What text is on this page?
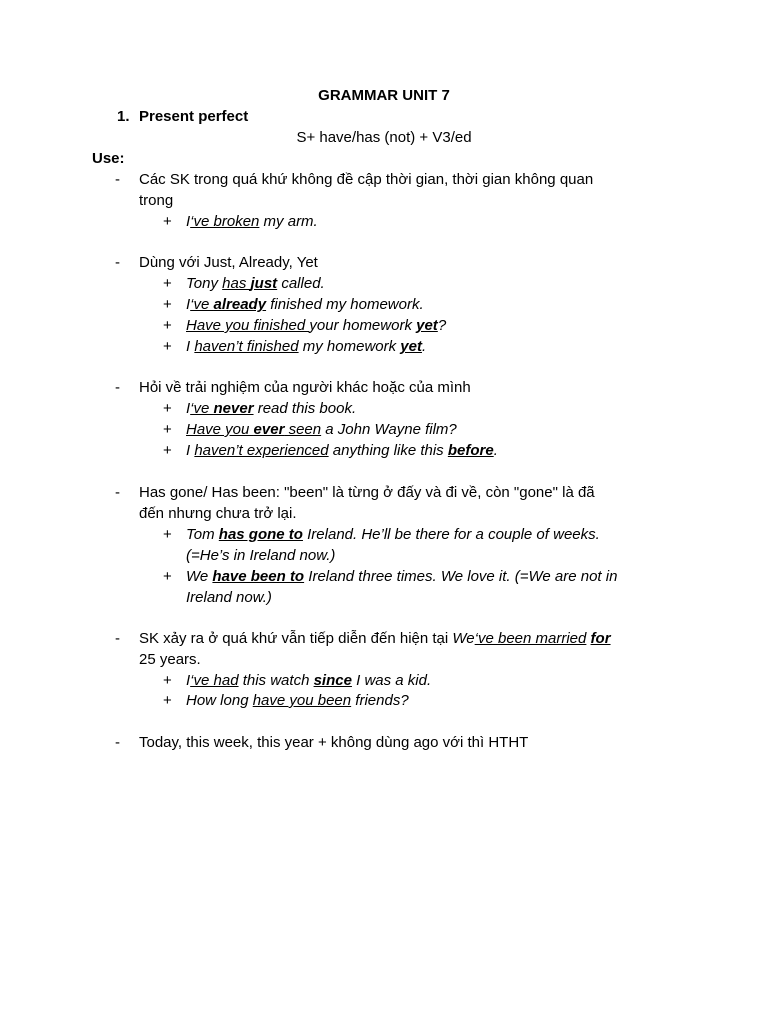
GRAMMAR UNIT 7
1. Present perfect
S+ have/has (not) + V3/ed
Use:
- Các SK trong quá khứ không đề cập thời gian, thời gian không quan
trong
+ I‘ve broken my arm.
- Dùng với Just, Already, Yet
+ Tony has just called.
+ I‘ve already finished my homework.
+ Have you finished your homework yet?
+ I haven’t finished my homework yet.
- Hỏi về trải nghiệm của người khác hoặc của mình
+ I‘ve never read this book.
+ Have you ever seen a John Wayne film?
+ I haven’t experienced anything like this before.
- Has gone/ Has been: "been" là từng ở đấy và đi về, còn "gone" là đã
đến nhưng chưa trở lại.
+ Tom has gone to Ireland. He’ll be there for a couple of weeks.
(=He’s in Ireland now.)
+ We have been to Ireland three times. We love it. (=We are not in
Ireland now.)
- SK xảy ra ở quá khứ vẫn tiếp diễn đến hiện tại We‘ve been married for
25 years.
+ I‘ve had this watch since I was a kid.
+ How long have you been friends?
- Today, this week, this year + không dùng ago với thì HTHT
